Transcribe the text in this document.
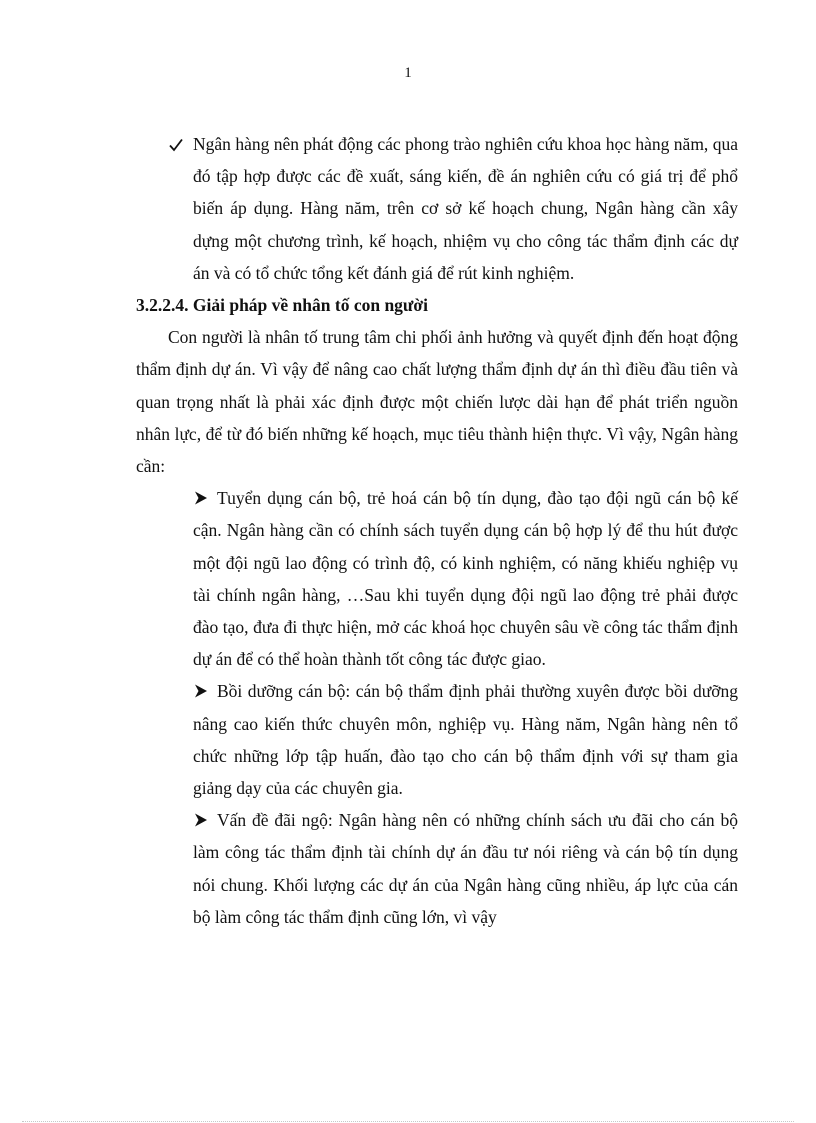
1

Ngân hàng nên phát động các phong trào nghiên cứu khoa học hàng năm, qua đó tập hợp được các đề xuất, sáng kiến, đề án nghiên cứu có giá trị để phổ biến áp dụng. Hàng năm, trên cơ sở kế hoạch chung, Ngân hàng cần xây dựng một chương trình, kế hoạch, nhiệm vụ cho công tác thẩm định các dự án và có tổ chức tổng kết đánh giá để rút kinh nghiệm.

3.2.2.4. Giải pháp về nhân tố con người

Con người là nhân tố trung tâm chi phối ảnh hưởng và quyết định đến hoạt động thẩm định dự án. Vì vậy để nâng cao chất lượng thẩm định dự án thì điều đầu tiên và quan trọng nhất là phải xác định được một chiến lược dài hạn để phát triển nguồn nhân lực, để từ đó biến những kế hoạch, mục tiêu thành hiện thực. Vì vậy, Ngân hàng cần:

Tuyển dụng cán bộ, trẻ hoá cán bộ tín dụng, đào tạo đội ngũ cán bộ kế cận. Ngân hàng cần có chính sách tuyển dụng cán bộ hợp lý để thu hút được một đội ngũ lao động có trình độ, có kinh nghiệm, có năng khiếu nghiệp vụ tài chính ngân hàng, …Sau khi tuyển dụng đội ngũ lao động trẻ phải được đào tạo, đưa đi thực hiện, mở các khoá học chuyên sâu về công tác thẩm định dự án để có thể hoàn thành tốt công tác được giao.

Bồi dưỡng cán bộ: cán bộ thẩm định phải thường xuyên được bồi dưỡng nâng cao kiến thức chuyên môn, nghiệp vụ. Hàng năm, Ngân hàng nên tổ chức những lớp tập huấn, đào tạo cho cán bộ thẩm định với sự tham gia giảng dạy của các chuyên gia.

Vấn đề đãi ngộ: Ngân hàng nên có những chính sách ưu đãi cho cán bộ làm công tác thẩm định tài chính dự án đầu tư nói riêng và cán bộ tín dụng nói chung. Khối lượng các dự án của Ngân hàng cũng nhiều, áp lực của cán bộ làm công tác thẩm định cũng lớn, vì vậy
